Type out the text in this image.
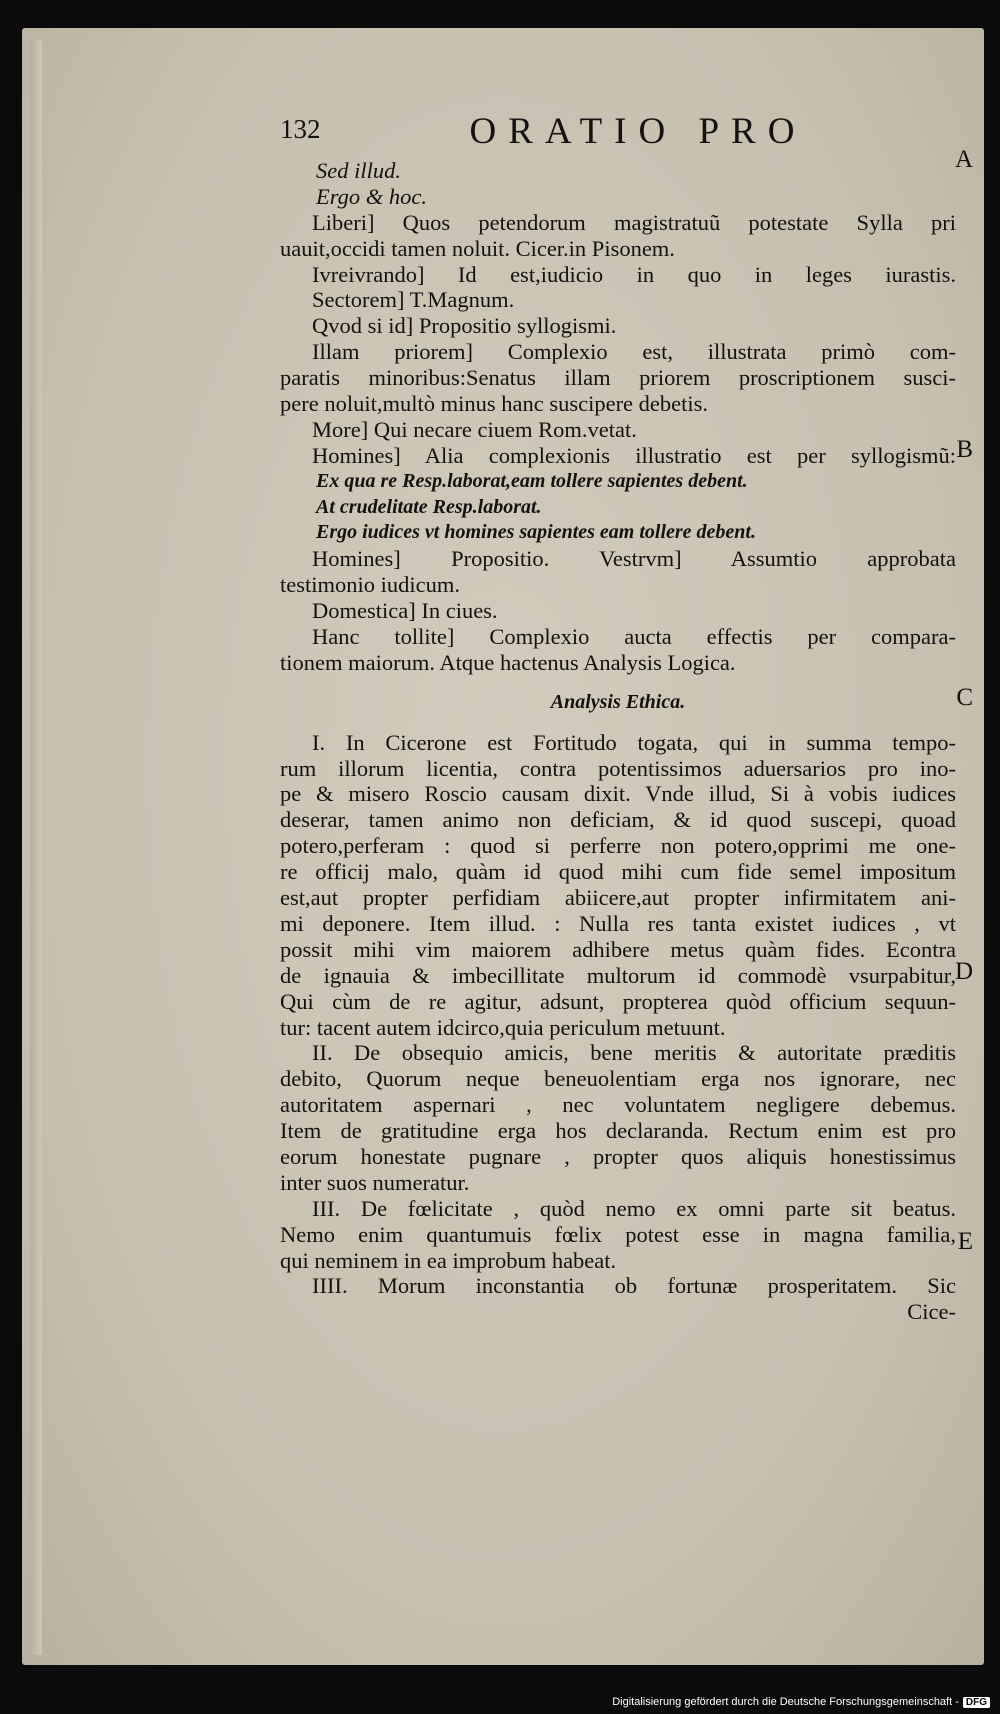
A
B
C
D
E
132	ORATIO PRO
Sed illud.
Ergo & hoc.
Liberi] Quos petendorum magistratuũ potestate Sylla pri
uauit,occidi tamen noluit. Cicer.in Pisonem.
Ivreivrando] Id est,iudicio in quo in leges iurastis.
Sectorem] T.Magnum.
Qvod si id] Propositio syllogismi.
Illam priorem] Complexio est, illustrata primò com-
paratis minoribus:Senatus illam priorem proscriptionem susci-
pere noluit,multò minus hanc suscipere debetis.
More] Qui necare ciuem Rom.vetat.
Homines] Alia complexionis illustratio est per syllogismũ:
Ex qua re Resp.laborat,eam tollere sapientes debent.
At crudelitate Resp.laborat.
Ergo iudices vt homines sapientes eam tollere debent.
Homines] Propositio. Vestrvm] Assumtio approbata
testimonio iudicum.
Domestica] In ciues.
Hanc tollite] Complexio aucta effectis per compara-
tionem maiorum. Atque hactenus Analysis Logica.
Analysis Ethica.
I. In Cicerone est Fortitudo togata, qui in summa tempo-
rum illorum licentia, contra potentissimos aduersarios pro ino-
pe & misero Roscio causam dixit. Vnde illud, Si à vobis iudices
deserar, tamen animo non deficiam, & id quod suscepi, quoad
potero,perferam : quod si perferre non potero,opprimi me one-
re officij malo, quàm id quod mihi cum fide semel impositum
est,aut propter perfidiam abiicere,aut propter infirmitatem ani-
mi deponere. Item illud. : Nulla res tanta existet iudices , vt
possit mihi vim maiorem adhibere metus quàm fides. Econtra
de ignauia & imbecillitate multorum id commodè vsurpabitur,
Qui cùm de re agitur, adsunt, propterea quòd officium sequun-
tur: tacent autem idcirco,quia periculum metuunt.
II. De obsequio amicis, bene meritis & autoritate præditis
debito, Quorum neque beneuolentiam erga nos ignorare, nec
autoritatem aspernari , nec voluntatem negligere debemus.
Item de gratitudine erga hos declaranda. Rectum enim est pro
eorum honestate pugnare , propter quos aliquis honestissimus
inter suos numeratur.
III. De fœlicitate , quòd nemo ex omni parte sit beatus.
Nemo enim quantumuis fœlix potest esse in magna familia,
qui neminem in ea improbum habeat.
IIII. Morum inconstantia ob fortunæ prosperitatem. Sic
Cice-
Digitalisierung gefördert durch die Deutsche Forschungsgemeinschaft - DFG
